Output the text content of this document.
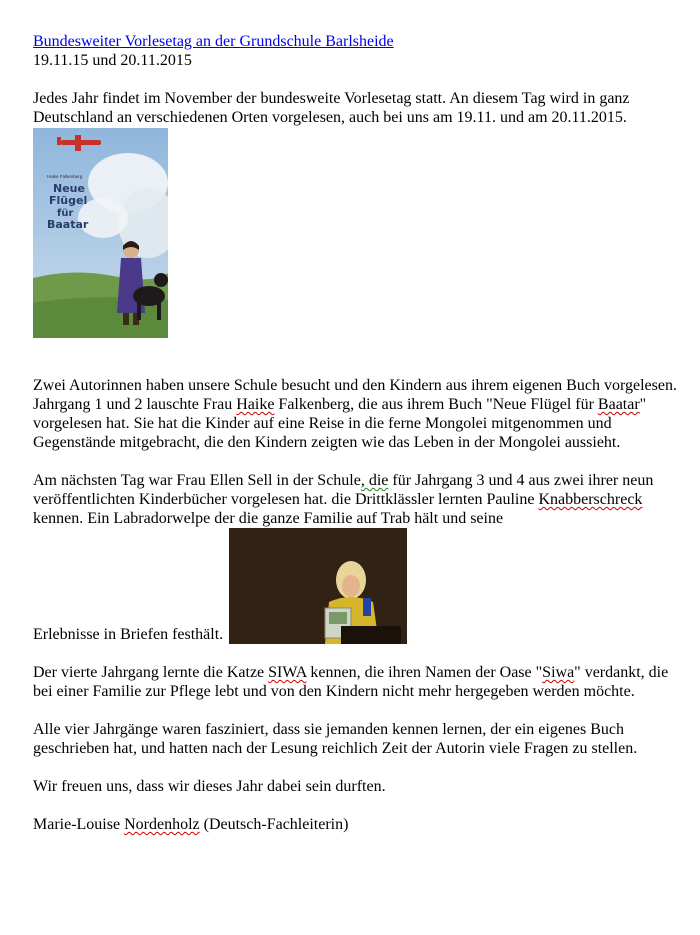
Bundesweiter Vorlesetag an der Grundschule Barlsheide

19.11.15 und 20.11.2015

Jedes Jahr findet im November der bundesweite Vorlesetag statt. An diesem Tag wird in ganz Deutschland an verschiedenen Orten vorgelesen, auch bei uns am 19.11. und am 20.11.2015.

Haike Falkenberg
Neue
Flügel
für
Baatar

Zwei Autorinnen haben unsere Schule besucht und den Kindern aus ihrem eigenen Buch vorgelesen. Jahrgang 1 und 2 lauschte Frau Haike Falkenberg, die aus ihrem Buch "Neue Flügel für Baatar" vorgelesen hat. Sie hat die Kinder auf eine Reise in die ferne Mongolei mitgenommen und Gegenstände mitgebracht, die den Kindern zeigten wie das Leben in der Mongolei aussieht.

Am nächsten Tag war Frau Ellen Sell in der Schule, die für Jahrgang 3 und 4 aus zwei ihrer neun veröffentlichten Kinderbücher vorgelesen hat. die Drittklässler lernten Pauline Knabberschreck kennen. Ein Labradorwelpe der die ganze Familie auf Trab hält und seine

Erlebnisse in Briefen festhält.

Der vierte Jahrgang lernte die Katze SIWA kennen, die ihren Namen der Oase "Siwa" verdankt, die bei einer Familie zur Pflege lebt und von den Kindern nicht mehr hergegeben werden möchte.

Alle vier Jahrgänge waren fasziniert, dass sie jemanden kennen lernen, der ein eigenes Buch geschrieben hat, und hatten nach der Lesung reichlich Zeit der Autorin viele Fragen zu stellen.

Wir freuen uns, dass wir dieses Jahr dabei sein durften.

Marie-Louise Nordenholz (Deutsch-Fachleiterin)
